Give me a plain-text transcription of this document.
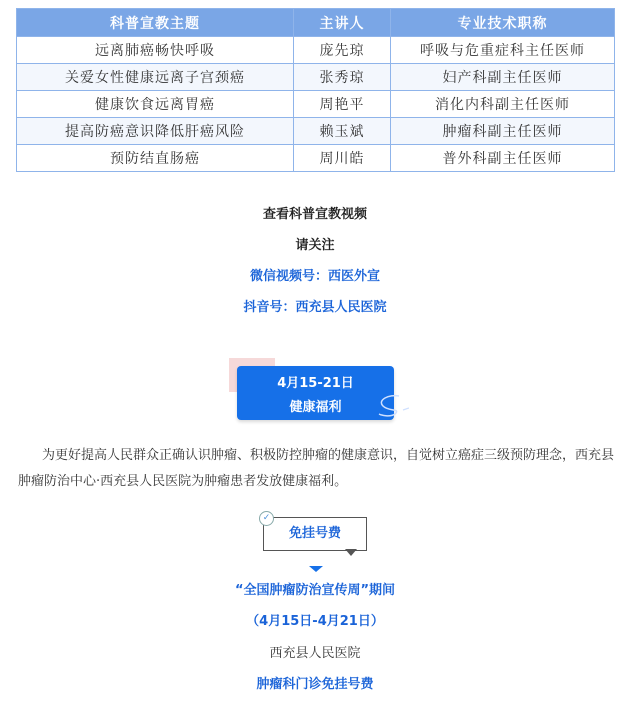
科普宣教主题	主讲人	专业技术职称
远离肺癌畅快呼吸	庞先琼	呼吸与危重症科主任医师
关爱女性健康远离子宫颈癌	张秀琼	妇产科副主任医师
健康饮食远离胃癌	周艳平	消化内科副主任医师
提高防癌意识降低肝癌风险	赖玉斌	肿瘤科副主任医师
预防结直肠癌	周川皓	普外科副主任医师
查看科普宣教视频
请关注
微信视频号：西医外宣
抖音号：西充县人民医院
4月15-21日
健康福利
为更好提高人民群众正确认识肿瘤、积极防控肿瘤的健康意识，自觉树立癌症三级预防理念，西充县肿瘤防治中心·西充县人民医院为肿瘤患者发放健康福利。
免挂号费
✓
“全国肿瘤防治宣传周”期间
（4月15日-4月21日）
西充县人民医院
肿瘤科门诊免挂号费
